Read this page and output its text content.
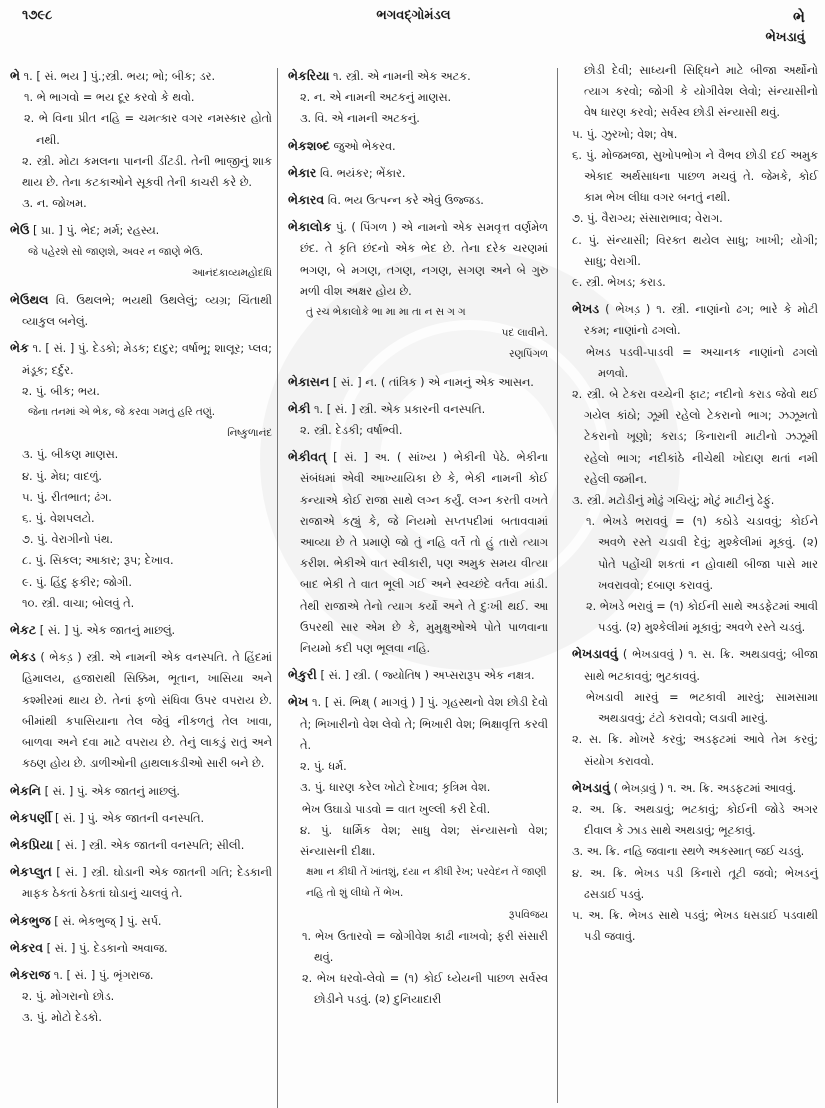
૧૭૯૮	ભગવદ્ગોમંડલ	ભે
ભેખડાવું

ભે ૧. [ સં. ભય ] પું.;સ્ત્રી. ભય; ભો; બીક; ડર.

૧. ભે ભાગવો = ભય દૂર કરવો કે થવો.

૨. ભે વિના પ્રીત નહિ = ચમત્કાર વગર નમસ્કાર હોતો નથી.

૨. સ્ત્રી. મોટા કમલના પાનની ડીંટડી. તેની ભાજીનું શાક થાય છે. તેના કટકાઓને સૂકવી તેની કાચરી કરે છે.

૩. ન. જોખમ.

ભેઉ [ પ્રા. ] પું. ભેદ; મર્મ; રહસ્ય.

જે પહેરશે સો જાણશે, અવર ન જાણે ભેઉ.

આનંદકાવ્યમહોદધિ

ભેઉથલ વિ. ઉથલભે; ભયથી ઉથલેલું; વ્યગ્ર; ચિંતાથી વ્યાકુલ બનેલું.

ભેક ૧. [ સં. ] પું. દેડકો; મેડક; દાદુર; વર્ષાભૂ; શાલૂર; પ્લવ; મંડૂક; દર્દુર.

૨. પું. બીક; ભય.

જેના તનમાં એ ભેક, જે કરવા ગમતું હરિ તણું.

નિષ્કુળાનંદ

૩. પું. બીકણ માણસ.

૪. પું. મેઘ; વાદળું.

૫. પું. રીતભાત; ઢંગ.

૬. પું. વેશપલટો.

૭. પું. વેરાગીનો પંથ.

૮. પું. સિકલ; આકાર; રૂપ; દેખાવ.

૯. પું. હિંદુ ફકીર; જોગી.

૧૦. સ્ત્રી. વાચા; બોલવું તે.

ભેકટ [ સં. ] પું. એક જાતનું માછલું.

ભેકડ ( ભેકડ઼ ) સ્ત્રી. એ નામની એક વનસ્પતિ. તે હિંદમાં હિમાલય, હજારાથી સિક્કિમ, ભૂતાન, ખાસિયા અને કશ્મીરમાં થાય છે. તેનાં ફળો સંધિવા ઉપર વપરાય છે. બીમાંથી કપાસિયાના તેલ જેવું નીકળતું તેલ ખાવા, બાળવા અને દવા માટે વપરાય છે. તેનું લાકડું રાતું અને કઠણ હોય છે. ડાળીઓની હાથલાકડીઓ સારી બને છે.

ભેકનિ [ સં. ] પું. એક જાતનું માછલું.

ભેકપર્ણી [ સં. ] પું. એક જાતની વનસ્પતિ.

ભેકપ્રિયા [ સં. ] સ્ત્રી. એક જાતની વનસ્પતિ; સીલી.

ભેકપ્લુત [ સં. ] સ્ત્રી. ઘોડાની એક જાતની ગતિ; દેડકાની માફક ઠેકતાં ઠેકતાં ઘોડાનું ચાલવું તે.

ભેકભુજ [ સં. ભેકભુજ્ ] પું. સર્પ.

ભેકરવ [ સં. ] પું. દેડકાનો અવાજ.

ભેકરાજ ૧. [ સં. ] પું. ભૃંગરાજ.

૨. પું. મોગરાનો છોડ.

૩. પું. મોટો દેડકો.

ભેકરિયા ૧. સ્ત્રી. એ નામની એક અટક.

૨. ન. એ નામની અટકનું માણસ.

૩. વિ. એ નામની અટકનું.

ભેકશબ્દ જુઓ ભેકરવ.

ભેકાર વિ. ભયંકર; ભેંકાર.

ભેકારવ વિ. ભય ઉત્પન્ન કરે એવું ઉજ્જડ.

ભેકાલોક પું. ( પિંગળ ) એ નામનો એક સમવૃત્ત વર્ણમેળ છંદ. તે કૃતિ છંદનો એક ભેદ છે. તેના દરેક ચરણમાં ભગણ, બે મગણ, તગણ, નગણ, સગણ અને બે ગુરુ મળી વીશ અક્ષર હોય છે.

તું રચ ભેકાલોકે ભા મા મા તા ન સ ગ ગ

પદ લાવીને.

રણપિંગળ

ભેકાસન [ સં. ] ન. ( તાંત્રિક ) એ નામનું એક આસન.

ભેકી ૧. [ સં. ] સ્ત્રી. એક પ્રકારની વનસ્પતિ.

૨. સ્ત્રી. દેડકી; વર્ષાભ્વી.

ભેકીવત્ [ સં. ] અ. ( સાંખ્ય ) ભેકીની પેઠે. ભેકીના સંબંધમાં એવી આખ્યાયિકા છે કે, ભેકી નામની કોઈ કન્યાએ કોઈ રાજા સાથે લગ્ન કર્યું. લગ્ન કરતી વખતે રાજાએ કહ્યું કે, જે નિયમો સપ્તપદીમાં બતાવવામાં આવ્યા છે તે પ્રમાણે જો તું નહિ વર્તે તો હું તારો ત્યાગ કરીશ. ભેકીએ વાત સ્વીકારી, પણ અમુક સમય વીત્યા બાદ ભેકી તે વાત ભૂલી ગઈ અને સ્વચ્છંદે વર્તવા માંડી. તેથી રાજાએ તેનો ત્યાગ કર્યો અને તે દુઃખી થઈ. આ ઉપરથી સાર એમ છે કે, મુમુક્ષુઓએ પોતે પાળવાના નિયમો કદી પણ ભૂલવા નહિ.

ભેકુરી [ સં. ] સ્ત્રી. ( જ્યોતિષ ) અપ્સરારૂપ એક નક્ષત્ર.

ભેખ ૧. [ સં. ભિક્ષ્ ( માગવું ) ] પું. ગૃહસ્થનો વેશ છોડી દેવો તે; ભિખારીનો વેશ લેવો તે; ભિખારી વેશ; ભિક્ષાવૃત્તિ કરવી તે.

૨. પું. ધર્મ.

૩. પું. ધારણ કરેલ ખોટો દેખાવ; કૃત્રિમ વેશ.

ભેખ ઉઘાડો પાડવો = વાત ખુલ્લી કરી દેવી.

૪. પું. ધાર્મિક વેશ; સાધુ વેશ; સંન્યાસનો વેશ; સંન્યાસની દીક્ષા.

ક્ષમા ન કીધી તેં ખાંતશું, દયા ન કીધી રેખ; પરવેદન તેં જાણી નહિ તો શું લીધો તેં ભેખ.

રૂપવિજય

૧. ભેખ ઉતારવો = જોગીવેશ કાઢી નાખવો; ફરી સંસારી થવું.

૨. ભેખ ધરવો-લેવો = (૧) કોઈ ધ્યેયની પાછળ સર્વસ્વ છોડીને પડવું. (૨) દુનિયાદારી

છોડી દેવી; સાધ્યની સિદ્ધિને માટે બીજા અર્થોનો ત્યાગ કરવો; જોગી કે યોગીવેશ લેવો; સંન્યાસીનો વેષ ધારણ કરવો; સર્વસ્વ છોડી સંન્યાસી થવું.

૫. પું. ઝુરખો; વેશ; વેષ.

૬. પું. મોજમજા, સુખોપભોગ ને વૈભવ છોડી દઈ અમુક એકાદ અર્થસાધના પાછળ મચવું તે. જેમકે, કોઈ કામ ભેખ લીધા વગર બનતું નથી.

૭. પું. વૈરાગ્ય; સંસારાભાવ; વેરાગ.

૮. પું. સંન્યાસી; વિરક્ત થયેલ સાધુ; ખાખી; યોગી; સાધુ; વેરાગી.

૯. સ્ત્રી. ભેખડ; કરાડ.

ભેખડ ( ભેખડ઼ ) ૧. સ્ત્રી. નાણાંનો ઢગ; ભારે કે મોટી રકમ; નાણાંનો ઢગલો.

ભેખડ પડવી-પાડવી = અચાનક નાણાંનો ઢગલો મળવો.

૨. સ્ત્રી. બે ટેકરા વચ્ચેની ફાટ; નદીનો કરાડ જેવો થઈ ગયેલ કાંઠો; ઝૂમી રહેલો ટેકરાનો ભાગ; ઝઝૂમતો ટેકરાનો ખૂણો; કરાડ; કિનારાની માટીનો ઝઝૂમી રહેલો ભાગ; નદીકાંઠે નીચેથી ખોદાણ થતાં નમી રહેલી જમીન.

૩. સ્ત્રી. મટોડીનું મોઢું ગચિયું; મોટું માટીનું ઢેફું.

૧. ભેખડે ભરાવવું = (૧) કઠોડે ચડાવવું; કોઈને અવળે રસ્તે ચડાવી દેવું; મુશ્કેલીમાં મૂકવું. (૨) પોતે પહોંચી શકતાં ન હોવાથી બીજા પાસે માર ખવરાવવો; દબાણ કરાવવું.

૨. ભેખડે ભરાવું = (૧) કોઈની સાથે અડફેટમાં આવી પડવું. (૨) મુશ્કેલીમાં મૂકાવું; અવળે રસ્તે ચડવું.

ભેખડાવવું ( ભેખડાવવું ) ૧. સ. ક્રિ. અથડાવવું; બીજા સાથે ભટકાવવું; ભુટકાવવું.

ભેખડાવી મારવું = ભટકાવી મારવું; સામસામા અથડાવવું; ટંટો કરાવવો; લડાવી મારવું.

૨. સ. ક્રિ. મોખરે કરવું; અડફટમાં આવે તેમ કરવું; સંયોગ કરાવવો.

ભેખડાવું ( ભેખડ઼ાવું ) ૧. અ. ક્રિ. અડફટમાં આવવું.

૨. અ. ક્રિ. અથડાવું; ભટકાવું; કોઈની જોડે અગર દીવાલ કે ઝાડ સાથે અથડાવું; ભૂટકાવું.

૩. અ. ક્રિ. નહિ જવાના સ્થળે અકસ્માત્ જઈ ચડવું.

૪. અ. ક્રિ. ભેખડ પડી કિનારો તૂટી જવો; ભેખડનું ઢસડાઈ પડવું.

૫. અ. ક્રિ. ભેખડ સાથે પડવું; ભેખડ ધસડાઈ પડવાથી પડી જવાવું.
